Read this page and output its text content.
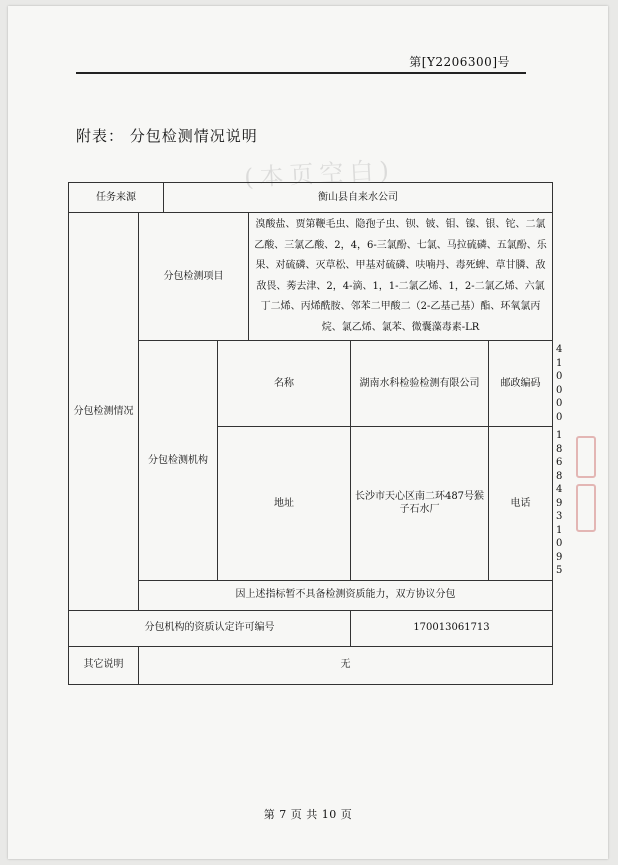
第[Y2206300]号
附表： 分包检测情况说明
(本页空白)
任务来源		衡山县自来水公司					
分包检测情况	分包检测项目			溴酸盐、贾第鞭毛虫、隐孢子虫、钡、铍、钼、镍、银、铊、二氯乙酸、三氯乙酸、2，4，6-三氯酚、七氯、马拉硫磷、五氯酚、乐果、对硫磷、灭草松、甲基对硫磷、呋喃丹、毒死蜱、草甘膦、敌敌畏、莠去津、2，4-滴、1，1-二氯乙烯、1，2-二氯乙烯、六氯丁二烯、丙烯酰胺、邻苯二甲酸二（2-乙基己基）酯、环氧氯丙烷、氯乙烯、氯苯、微囊藻毒素-LR			
	分包检测机构		名称		湖南水科检验检测有限公司	邮政编码	410000
			地址		长沙市天心区南二环487号猴子石水厂	电话	18684931095
	因上述指标暂不具备检测资质能力，双方协议分包						
分包机构的资质认定许可编号					170013061713		
其它说明	无						
第 7 页 共 10 页
